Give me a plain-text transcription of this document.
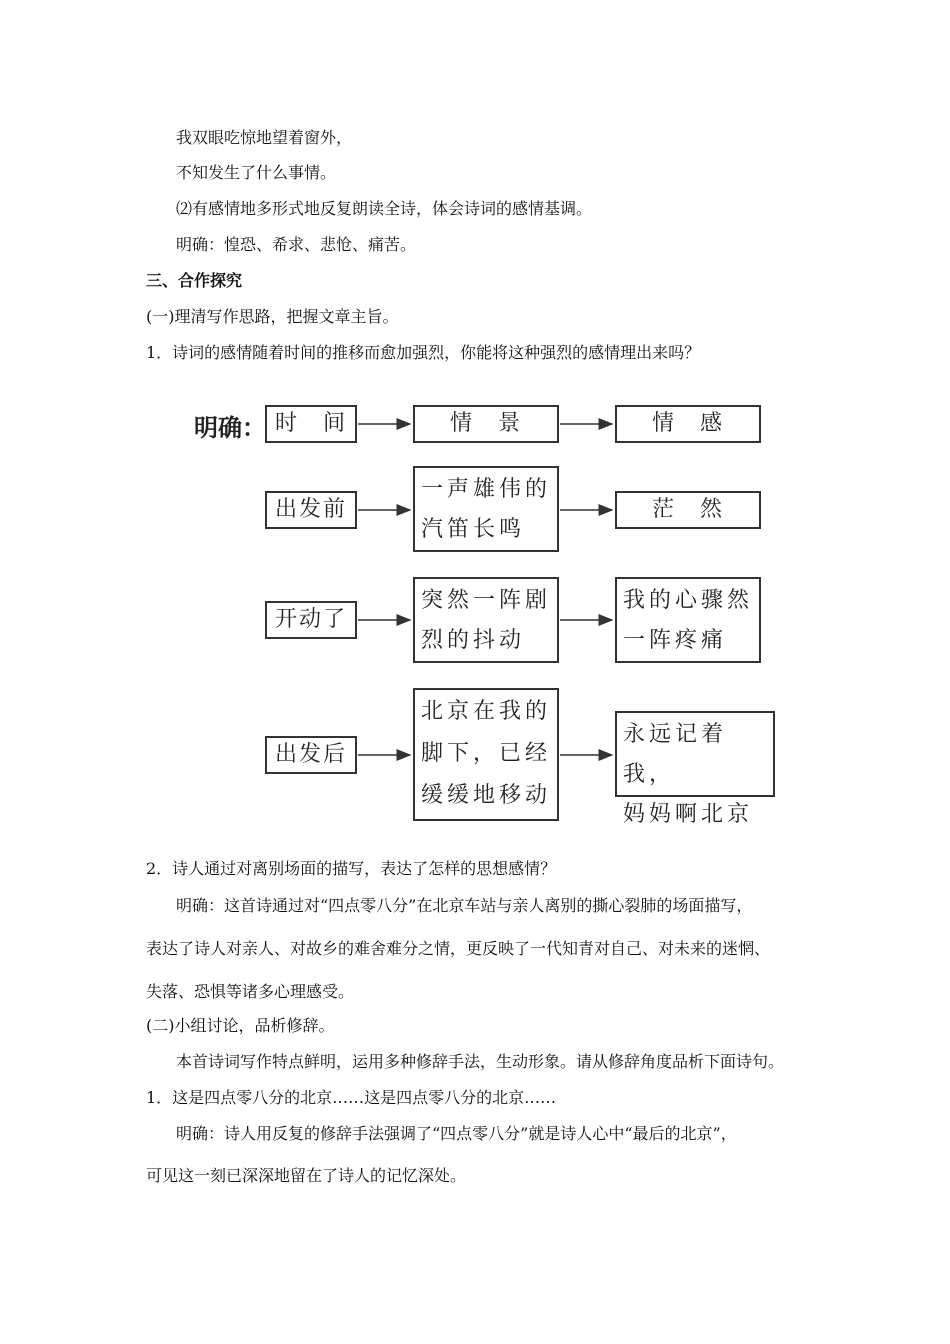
我双眼吃惊地望着窗外，
不知发生了什么事情。
⑵有感情地多形式地反复朗读全诗，体会诗词的感情基调。
明确：惶恐、希求、悲怆、痛苦。
三、合作探究
(一)理清写作思路，把握文章主旨。
1．诗词的感情随着时间的推移而愈加强烈，你能将这种强烈的感情理出来吗？
明确： 时　间	情　景	情　感
出发前
一声雄伟的
汽笛长鸣
茫　然
开动了
突然一阵剧
烈的抖动
我的心骤然
一阵疼痛
出发后
北京在我的
脚下，已经
缓缓地移动
永远记着我，
妈妈啊北京
2．诗人通过对离别场面的描写，表达了怎样的思想感情？
明确：这首诗通过对“四点零八分”在北京车站与亲人离别的撕心裂肺的场面描写，
表达了诗人对亲人、对故乡的难舍难分之情，更反映了一代知青对自己、对未来的迷惘、
失落、恐惧等诸多心理感受。
(二)小组讨论，品析修辞。
本首诗词写作特点鲜明，运用多种修辞手法，生动形象。请从修辞角度品析下面诗句。
1．这是四点零八分的北京……这是四点零八分的北京……
明确：诗人用反复的修辞手法强调了“四点零八分”就是诗人心中“最后的北京”，
可见这一刻已深深地留在了诗人的记忆深处。
